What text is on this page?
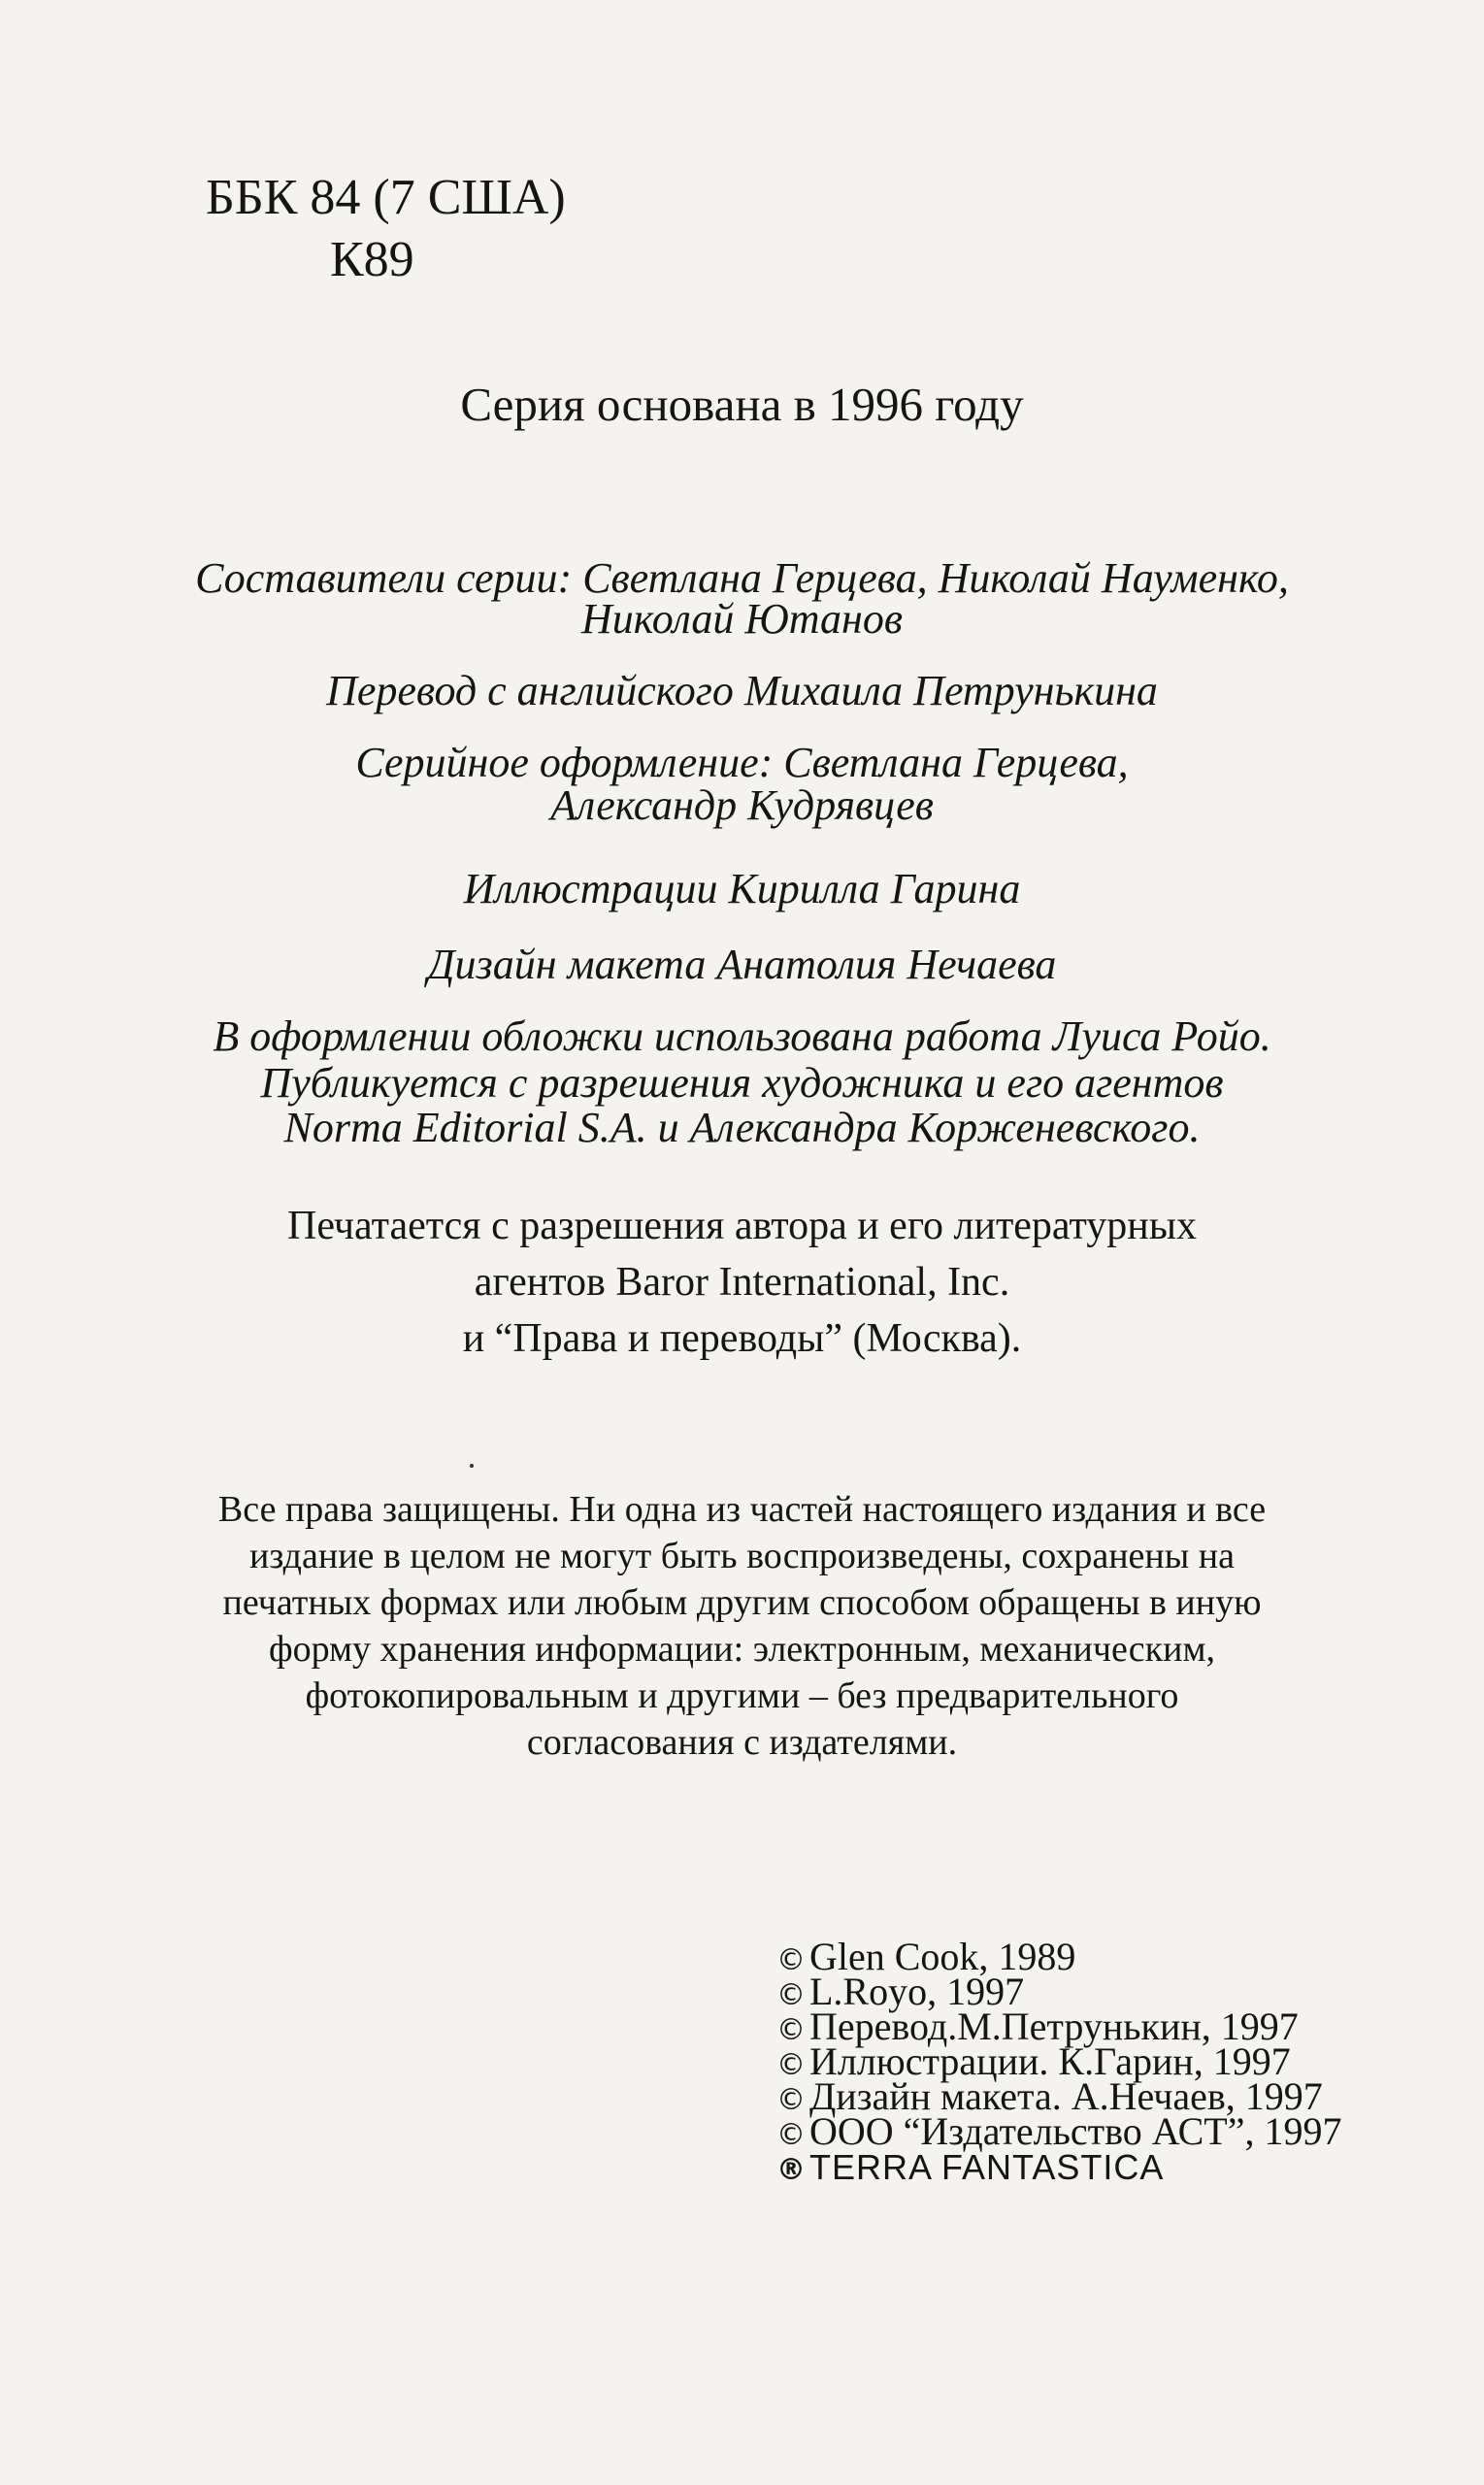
ББК 84 (7 США)
К89
Серия основана в 1996 году
Составители серии: Светлана Герцева, Николай Науменко,
Николай Ютанов
Перевод с английского Михаила Петрунькина
Серийное оформление: Светлана Герцева,
Александр Кудрявцев
Иллюстрации Кирилла Гарина
Дизайн макета Анатолия Нечаева
В оформлении обложки использована работа Луиса Ройо.
Публикуется с разрешения художника и его агентов
Norma Editorial S.A. и Александра Корженевского.
Печатается с разрешения автора и его литературных
агентов Baror International, Inc.
и “Права и переводы” (Москва).
Все права защищены. Ни одна из частей настоящего издания и все
издание в целом не могут быть воспроизведены, сохранены на
печатных формах или любым другим способом обращены в иную
форму хранения информации: электронным, механическим,
фотокопировальным и другими – без предварительного
согласования с издателями.
© Glen Cook, 1989
© L.Royo, 1997
© Перевод.М.Петрунькин, 1997
© Иллюстрации. К.Гарин, 1997
© Дизайн макета. А.Нечаев, 1997
© ООО “Издательство АСТ”, 1997
® TERRA FANTASTICA
